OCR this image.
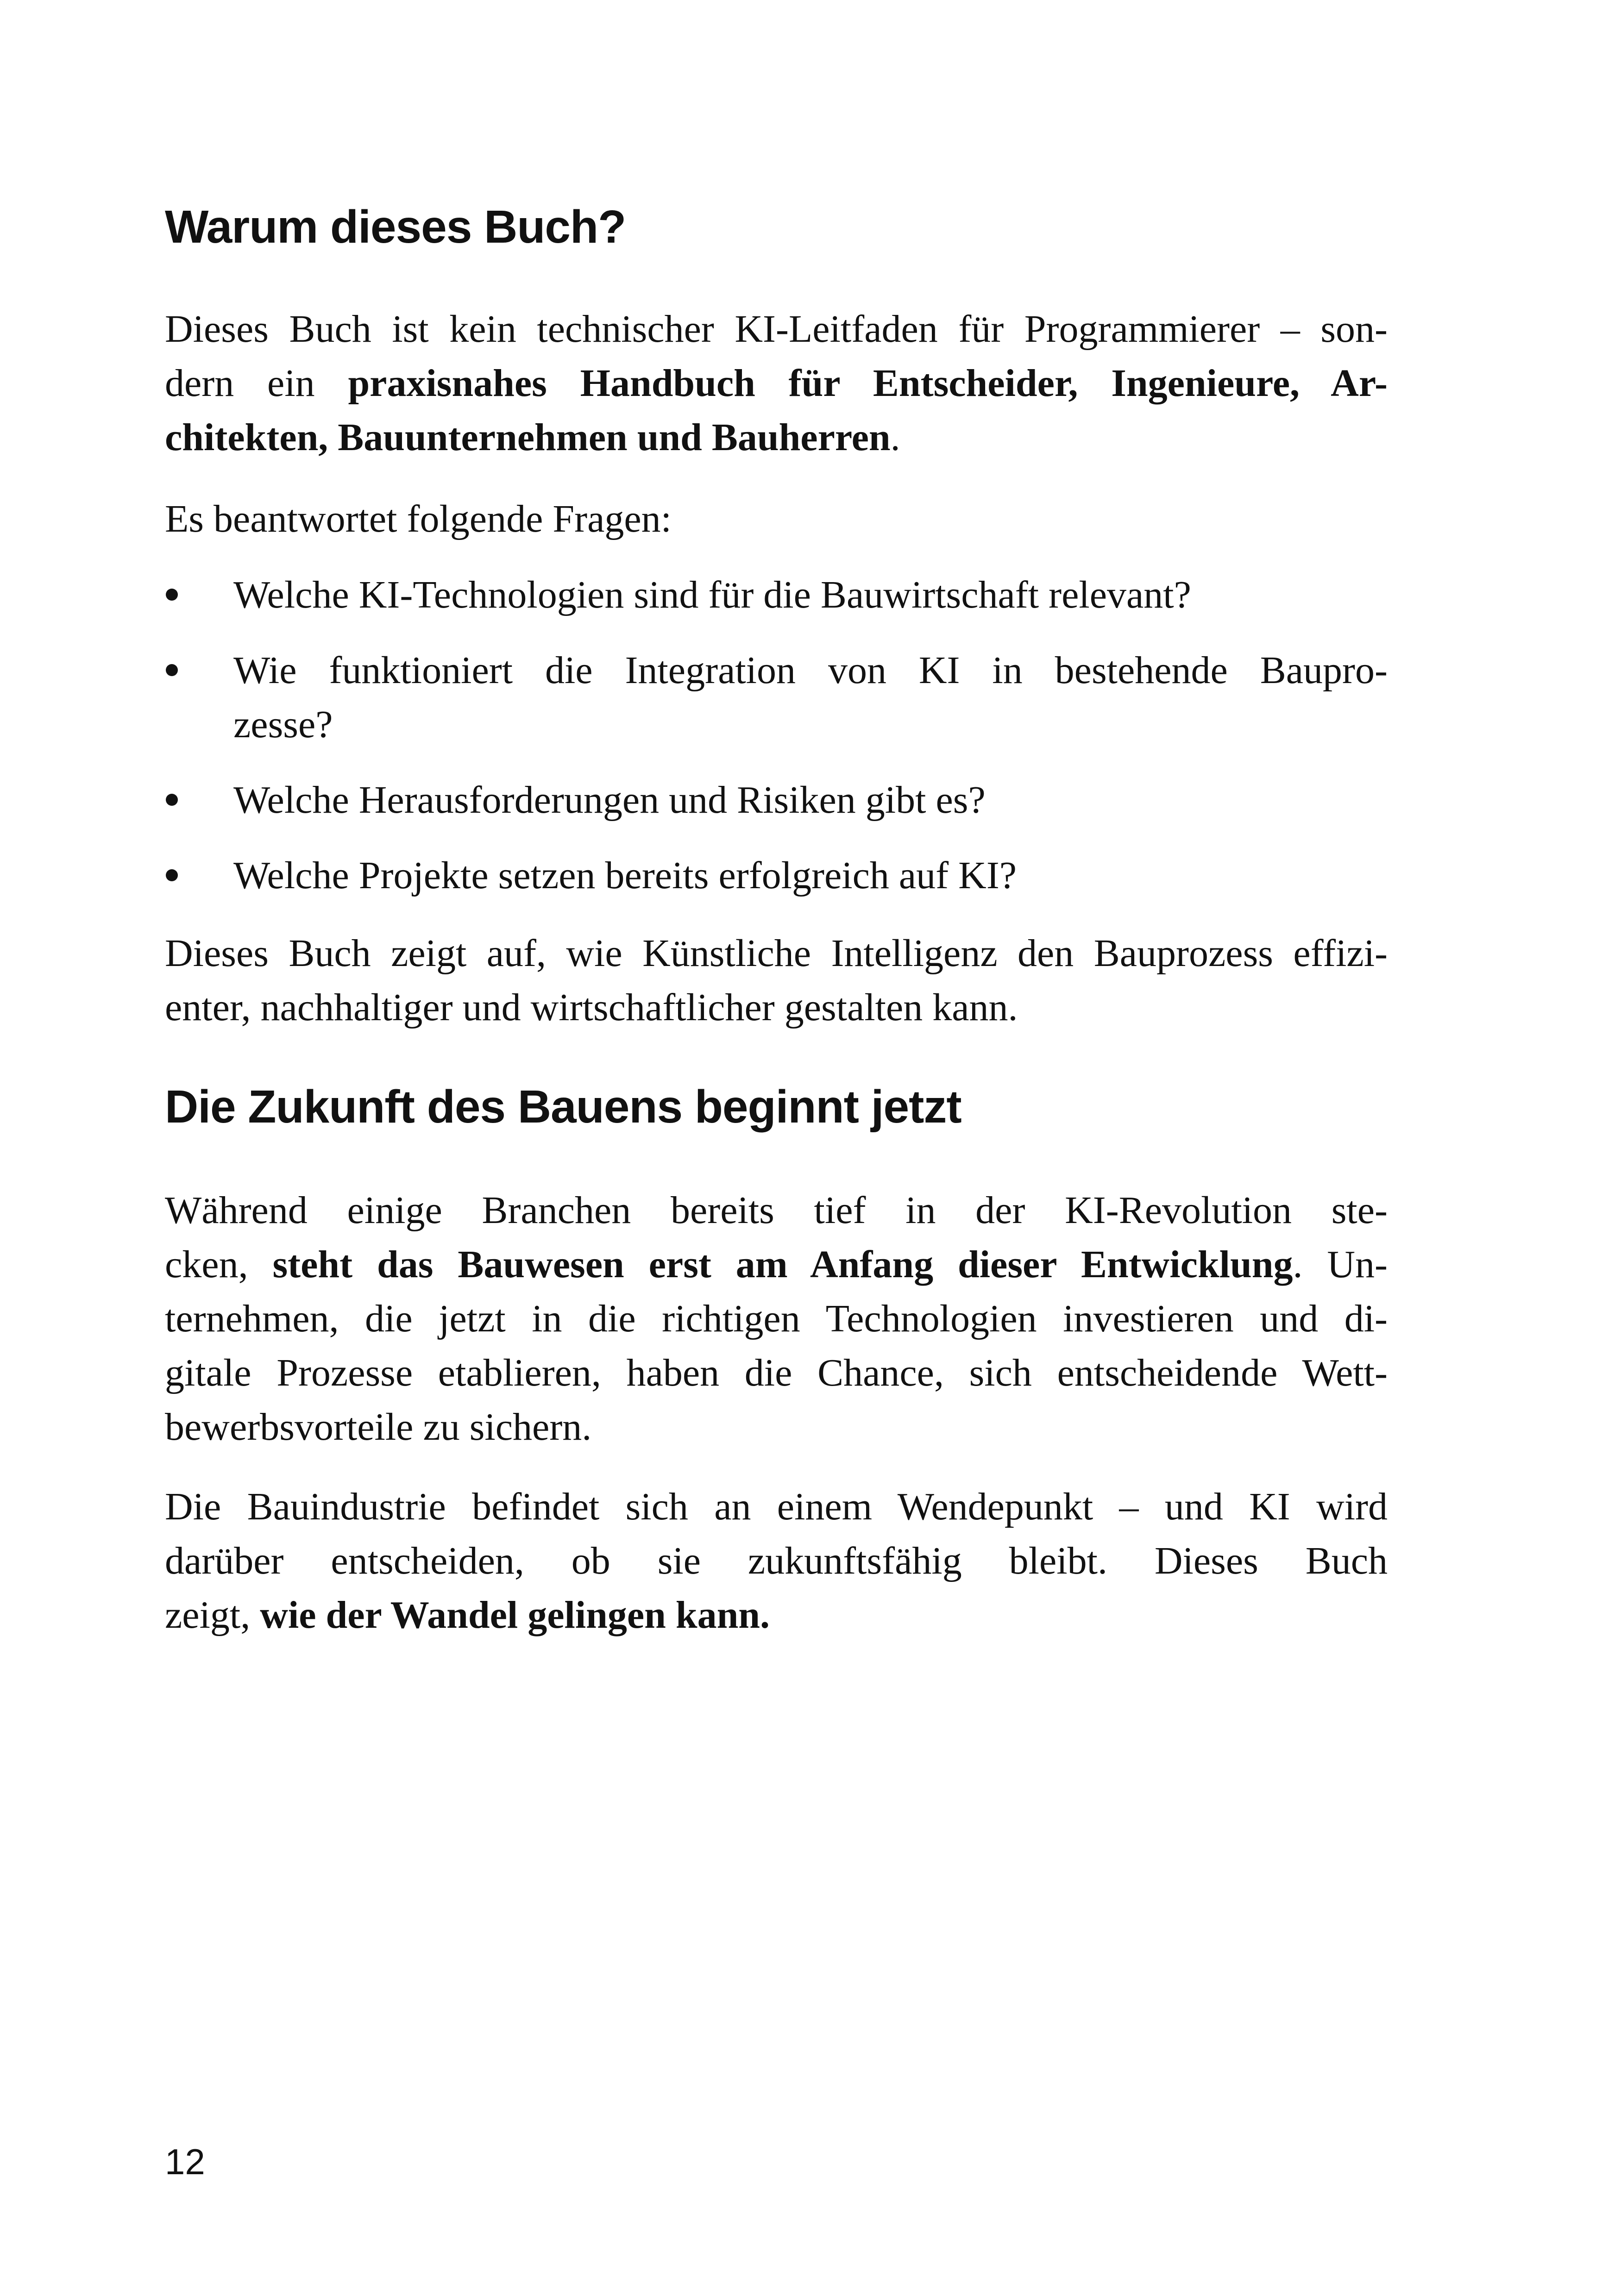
Warum dieses Buch?

Dieses Buch ist kein technischer KI-Leitfaden für Programmierer – son-
dern ein praxisnahes Handbuch für Entscheider, Ingenieure, Ar-
chitekten, Bauunternehmen und Bauherren.

Es beantwortet folgende Fragen:

Welche KI-Technologien sind für die Bauwirtschaft relevant?
Wie funktioniert die Integration von KI in bestehende Baupro-
zesse?
Welche Herausforderungen und Risiken gibt es?
Welche Projekte setzen bereits erfolgreich auf KI?

Dieses Buch zeigt auf, wie Künstliche Intelligenz den Bauprozess effizi-
enter, nachhaltiger und wirtschaftlicher gestalten kann.

Die Zukunft des Bauens beginnt jetzt

Während einige Branchen bereits tief in der KI-Revolution ste-
cken, steht das Bauwesen erst am Anfang dieser Entwicklung. Un-
ternehmen, die jetzt in die richtigen Technologien investieren und di-
gitale Prozesse etablieren, haben die Chance, sich entscheidende Wett-
bewerbsvorteile zu sichern.

Die Bauindustrie befindet sich an einem Wendepunkt – und KI wird
darüber entscheiden, ob sie zukunftsfähig bleibt. Dieses Buch
zeigt, wie der Wandel gelingen kann.

12
